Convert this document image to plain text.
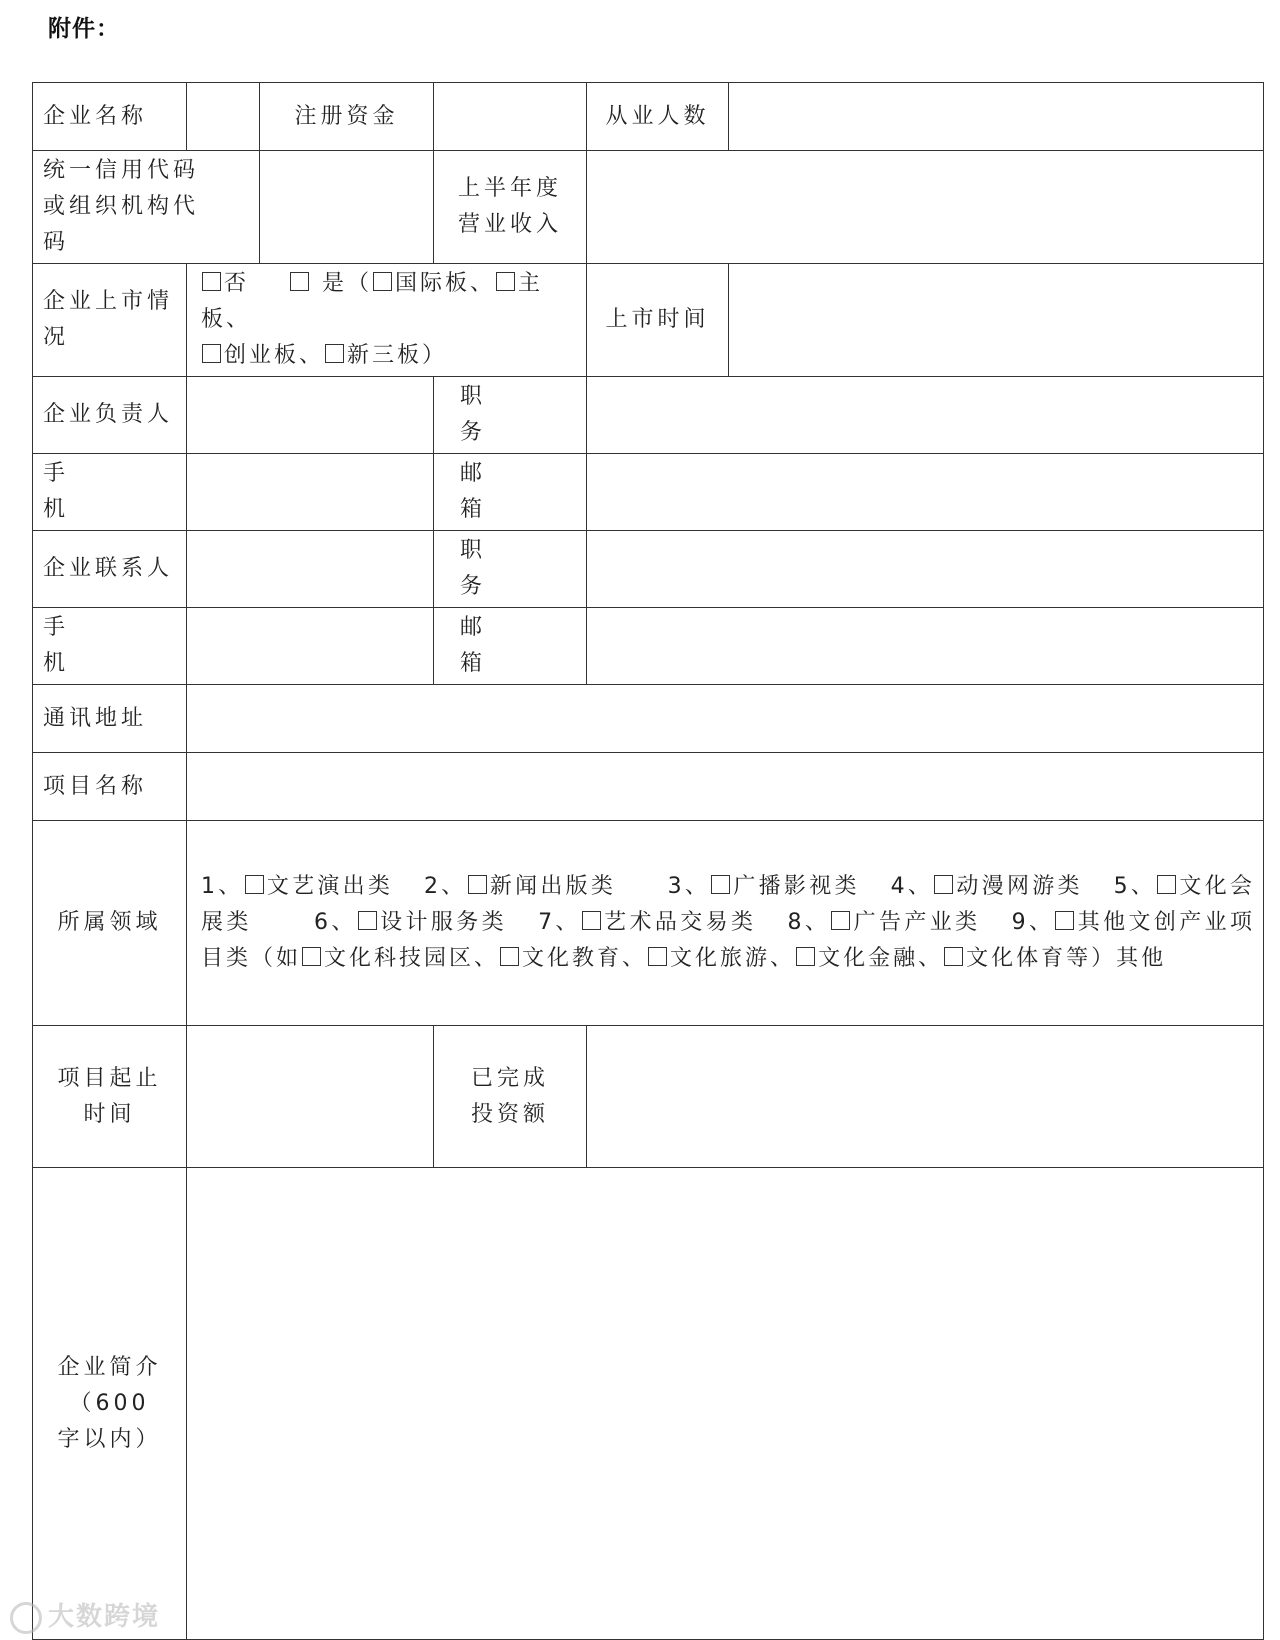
附件：
企业名称		注册资金		从业人数	
统一信用代码或组织机构代码			上半年度营业收入		
企业上市情况	否 是（ 国际板、 主板、
创业板、 新三板）			上市时间	
企业负责人			职务		

手机			邮箱		

企业联系人			职务		

手机			邮箱		

通讯地址					
项目名称					
所属领域	1、 文艺演出类 2、 新闻出版类 3、 广播影视类 4、 动漫网游类 5、 文化会展类 6、 设计服务类 7、 艺术品交易类 8、 广告产业类 9、 其他文创产业项目类（如 文化科技园区、 文化教育、 文化旅游、 文化金融、 文化体育等）其他				

项目起止时间			已完成投资额		
企业简介（600 字以内）					
大数跨境
